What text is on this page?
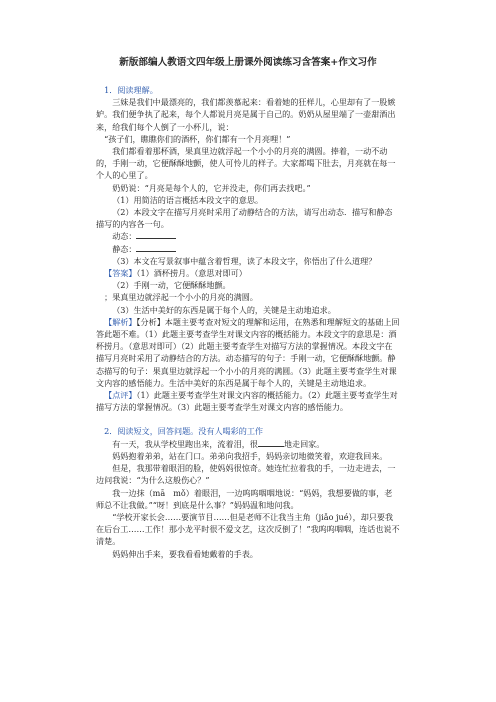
新版部编人教语文四年级上册课外阅读练习含答案+作文习作

1．阅读理解。

三妹是我们中最漂亮的，我们都羡慕起来：看着她的狂样儿，心里却有了一股嫉妒。我们便争执了起来，每个人都说月亮是属于自己的。奶奶从屋里端了一壶甜酒出来，给我们每个人倒了一小杯儿，说：

“孩子们，瞧瞧你们的酒杯，你们都有一个月亮哩！”

我们都看着那杯酒，果真里边就浮起一个小小的月亮的满圆。捧着，一动不动的，手刚一动，它便酥酥地颤，使人可怜儿的样子。大家都喝下肚去，月亮就在每一个人的心里了。

奶奶说：“月亮是每个人的，它并没走，你们再去找吧。”

（1）用简洁的语言概括本段文字的意思。

（2）本段文字在描写月亮时采用了动静结合的方法，请写出动态．描写和静态描写的内容各一句。

动态：

静态：

（3）本文在写景叙事中蕴含着哲理，读了本段文字，你悟出了什么道理？

【答案】（1）酒杯捞月。（意思对即可）

（2）手刚一动，它便酥酥地颤。

；果真里边就浮起一个小小的月亮的满圆。

（3）生活中美好的东西是属于每个人的，关键是主动地追求。

【解析】【分析】本题主要考查对短文的理解和运用，在熟悉和理解短文的基础上回答此题不难。（1）此题主要考查学生对课文内容的概括能力。本段文字的意思是：酒杯捞月。（意思对即可）（2）此题主要考查学生对描写方法的掌握情况。本段文字在描写月亮时采用了动静结合的方法。动态描写的句子：手刚一动，它便酥酥地颤。静态描写的句子：果真里边就浮起一个小小的月亮的满圆。（3）此题主要考查学生对课文内容的感悟能力。生活中美好的东西是属于每个人的，关键是主动地追求。

【点评】（1）此题主要考查学生对课文内容的概括能力。（2）此题主要考查学生对描写方法的掌握情况。（3）此题主要考查学生对课文内容的感悟能力。

2．阅读短文，回答问题。没有人喝彩的工作

有一天，我从学校里跑出来，流着泪，很	地走回家。

妈妈抱着弟弟，站在门口。弟弟向我招手，妈妈亲切地微笑着，欢迎我回来。

但是，我那带着眼泪的脸，使妈妈很惊奇。她连忙拉着我的手，一边走进去，一边问我说：“为什么这般伤心？”

我一边抹（mā　mǒ）着眼泪，一边呜呜咽咽地说：“妈妈，我想要做的事，老师总不让我做。”“呀！到底是什么事？”妈妈温和地问我。

“学校开家长会……要演节目……但是老师不让我当主角（jiǎo jué），却只要我在后台工……工作！那小龙平时很不爱文艺，这次反倒了！”我呜呜咽咽，连话也说不清楚。

妈妈伸出手来，要我看看她戴着的手表。
